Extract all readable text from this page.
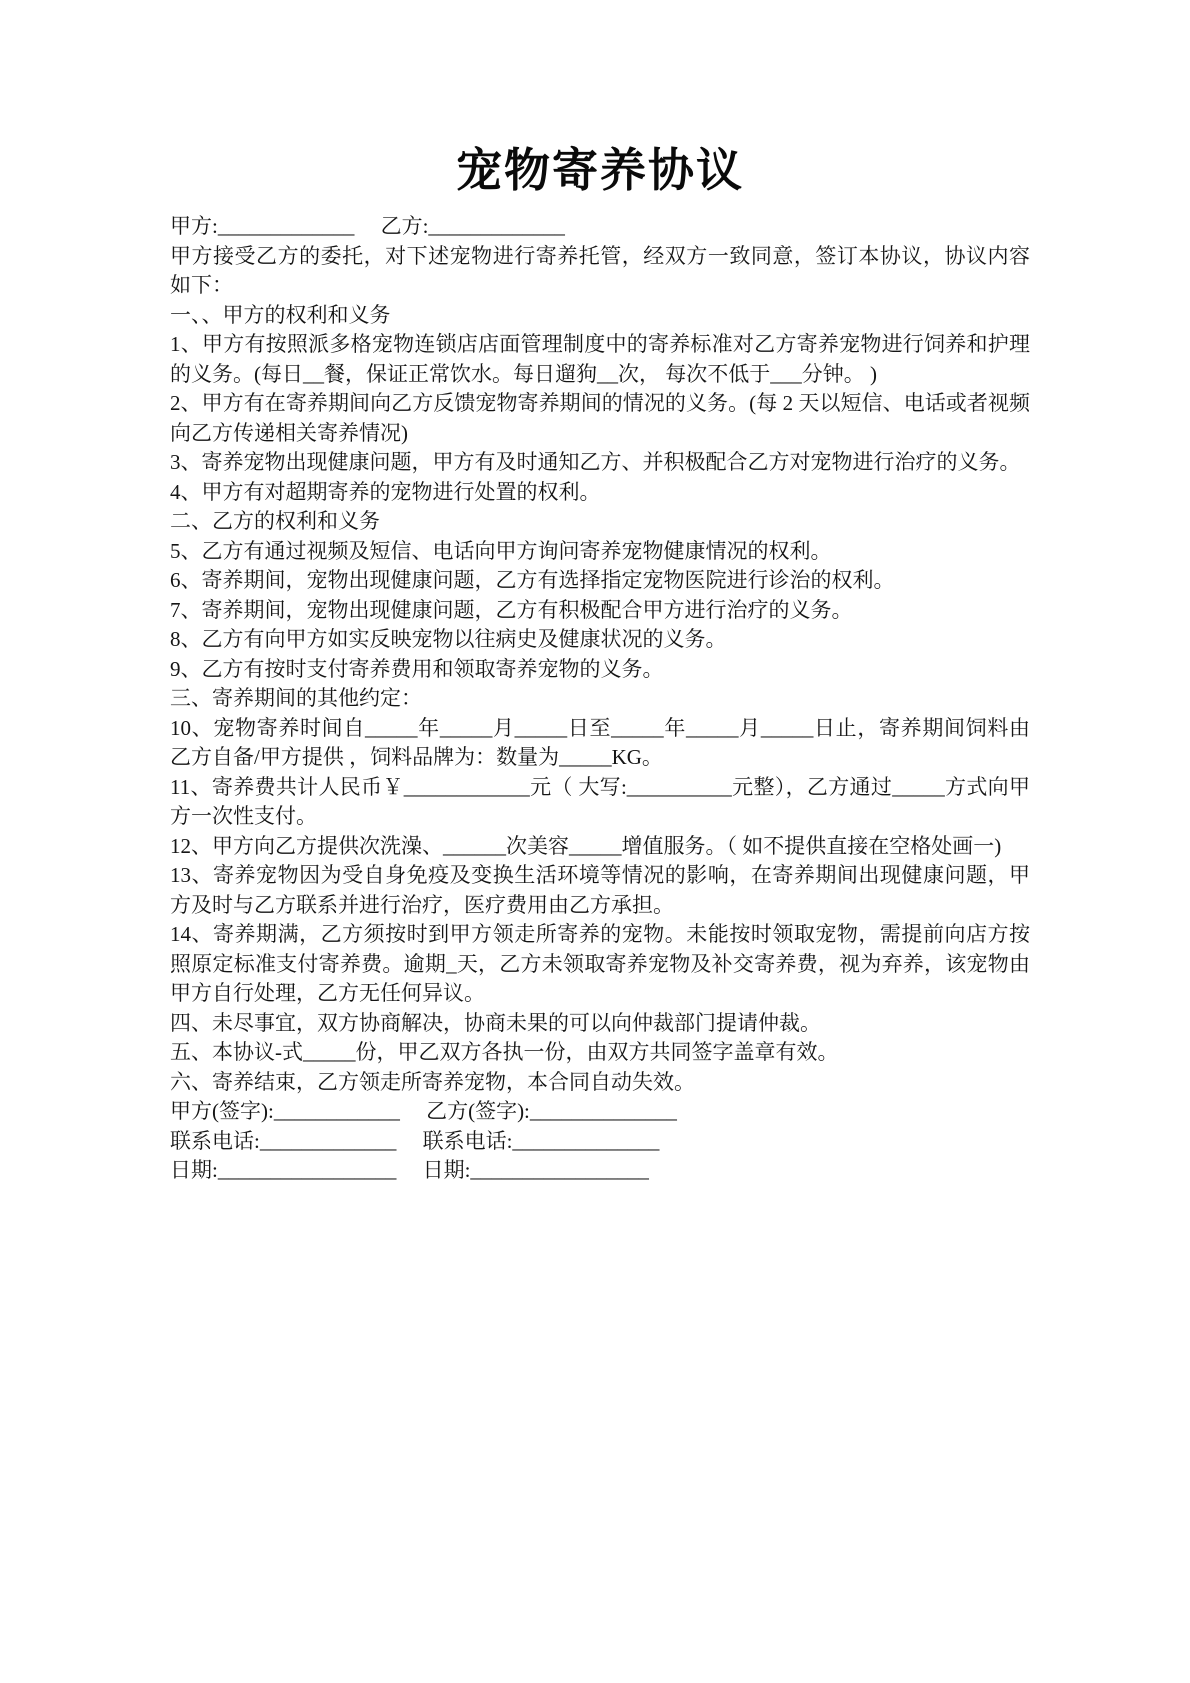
宠物寄养协议

甲方:_____________　 乙方:_____________

甲方接受乙方的委托，对下述宠物进行寄养托管，经双方一致同意，签订本协议，协议内容如下：

一、、甲方的权利和义务

1、甲方有按照派多格宠物连锁店店面管理制度中的寄养标准对乙方寄养宠物进行饲养和护理的义务。(每日__餐，保证正常饮水。每日遛狗__次， 每次不低于___分钟。 )

2、甲方有在寄养期间向乙方反馈宠物寄养期间的情况的义务。(每 2 天以短信、电话或者视频向乙方传递相关寄养情况)

3、寄养宠物出现健康问题，甲方有及时通知乙方、并积极配合乙方对宠物进行治疗的义务。

4、甲方有对超期寄养的宠物进行处置的权利。

二、乙方的权利和义务

5、乙方有通过视频及短信、电话向甲方询问寄养宠物健康情况的权利。

6、寄养期间，宠物出现健康问题，乙方有选择指定宠物医院进行诊治的权利。

7、寄养期间，宠物出现健康问题，乙方有积极配合甲方进行治疗的义务。

8、乙方有向甲方如实反映宠物以往病史及健康状况的义务。

9、乙方有按时支付寄养费用和领取寄养宠物的义务。

三、寄养期间的其他约定：

10、宠物寄养时间自_____年_____月_____日至_____年_____月_____日止，寄养期间饲料由乙方自备/甲方提供 ，饲料品牌为：数量为_____KG。

11、寄养费共计人民币￥____________元（ 大写:__________元整），乙方通过_____方式向甲方一次性支付。

12、甲方向乙方提供次洗澡、______次美容_____增值服务。（ 如不提供直接在空格处画一)

13、寄养宠物因为受自身免疫及变换生活环境等情况的影响，在寄养期间出现健康问题，甲方及时与乙方联系并进行治疗，医疗费用由乙方承担。

14、寄养期满，乙方须按时到甲方领走所寄养的宠物。未能按时领取宠物，需提前向店方按照原定标准支付寄养费。逾期_天，乙方未领取寄养宠物及补交寄养费，视为弃养，该宠物由甲方自行处理，乙方无任何异议。

四、未尽事宜，双方协商解决，协商未果的可以向仲裁部门提请仲裁。

五、本协议-式_____份，甲乙双方各执一份，由双方共同签字盖章有效。

六、寄养结束，乙方领走所寄养宠物，本合同自动失效。

甲方(签字):____________　 乙方(签字):______________

联系电话:_____________　 联系电话:______________

日期:_________________　 日期:_________________
